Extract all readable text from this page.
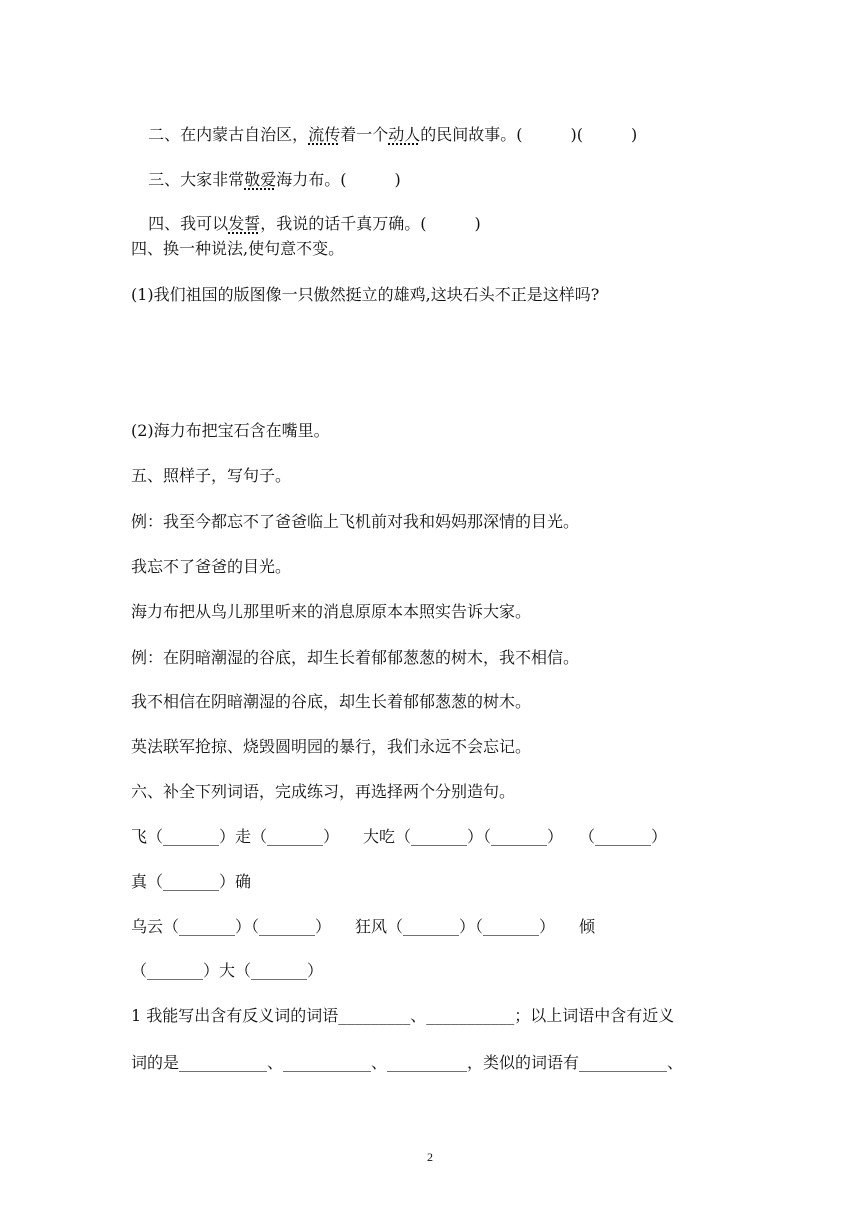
二、在内蒙古自治区，流传着一个动人的民间故事。(　　　)(　　　)

三、大家非常敬爱海力布。(　　　)

四、我可以发誓，我说的话千真万确。(　　　)

四、换一种说法,使句意不变。
(1)我们祖国的版图像一只傲然挺立的雄鸡,这块石头不正是这样吗?
(2)海力布把宝石含在嘴里。
五、照样子，写句子。
例：我至今都忘不了爸爸临上飞机前对我和妈妈那深情的目光。
我忘不了爸爸的目光。
海力布把从鸟儿那里听来的消息原原本本照实告诉大家。
例：在阴暗潮湿的谷底，却生长着郁郁葱葱的树木，我不相信。
我不相信在阴暗潮湿的谷底，却生长着郁郁葱葱的树木。
英法联军抢掠、烧毁圆明园的暴行，我们永远不会忘记。
六、补全下列词语，完成练习，再选择两个分别造句。
飞（_______）走（_______）　　大吃（_______）（_______）　　（_______）
真（_______）确
乌云（_______）（_______）　　狂风（_______）（_______）　　倾
（_______）大（_______）
1 我能写出含有反义词的词语_________、___________；以上词语中含有近义
词的是___________、___________、__________，类似的词语有___________、
2
